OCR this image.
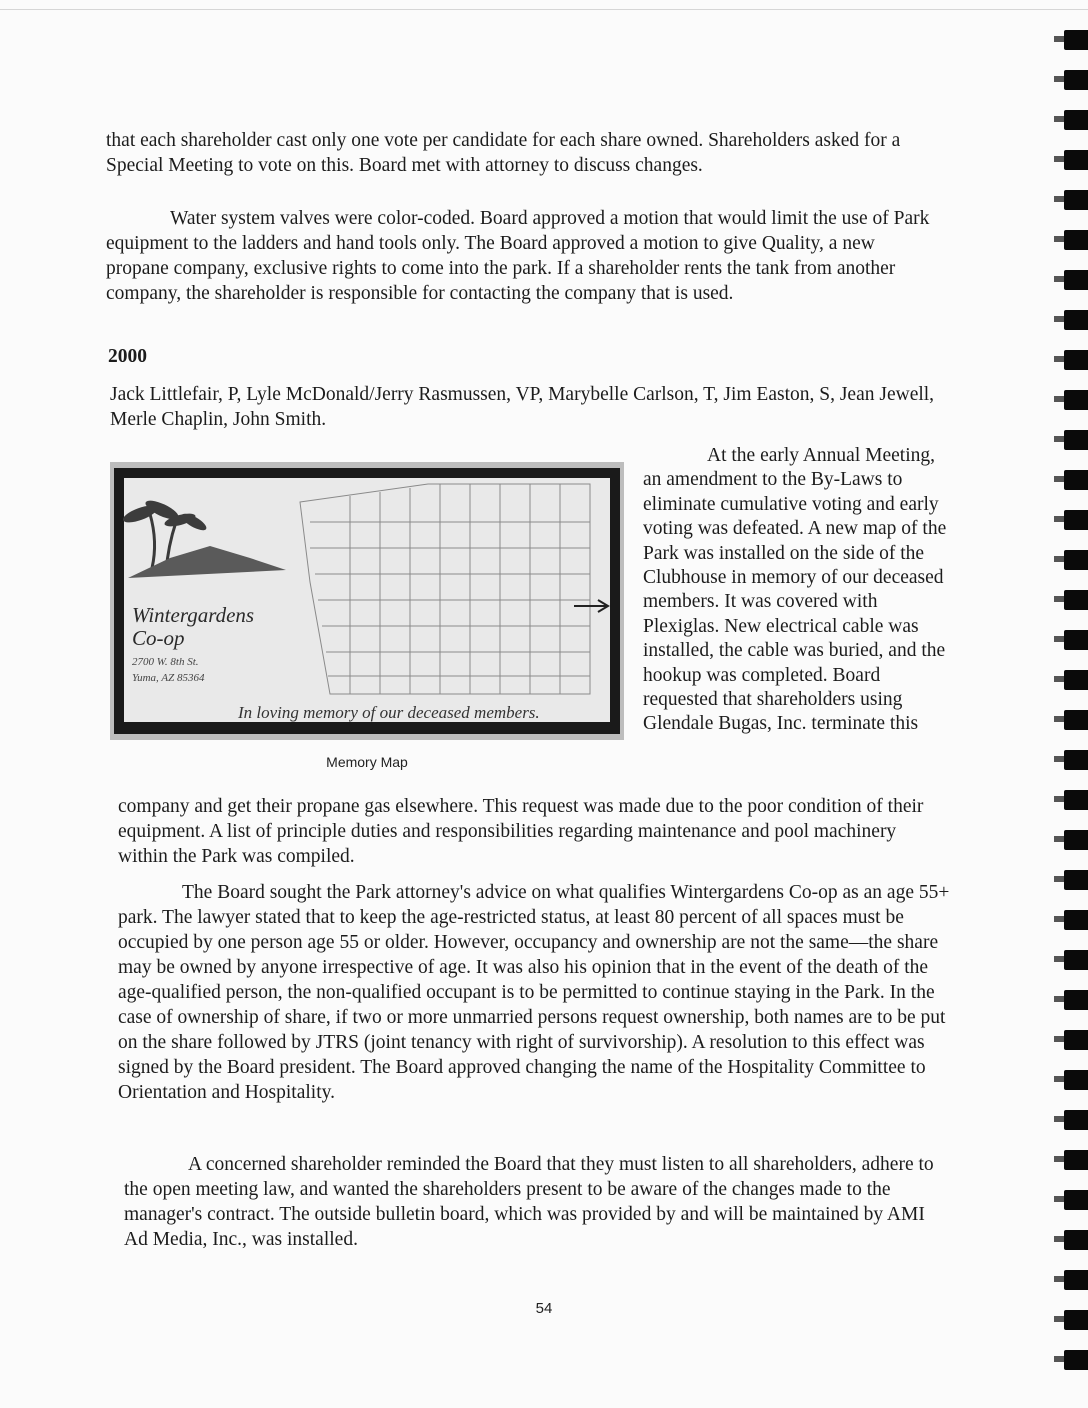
that each shareholder cast only one vote per candidate for each share owned. Shareholders asked for a Special Meeting to vote on this. Board met with attorney to discuss changes.

Water system valves were color-coded. Board approved a motion that would limit the use of Park equipment to the ladders and hand tools only. The Board approved a motion to give Quality, a new propane company, exclusive rights to come into the park. If a shareholder rents the tank from another company, the shareholder is responsible for contacting the company that is used.

2000

Jack Littlefair, P, Lyle McDonald/Jerry Rasmussen, VP, Marybelle Carlson, T, Jim Easton, S, Jean Jewell, Merle Chaplin, John Smith.

Wintergardens
Co-op
2700 W. 8th St.
Yuma, AZ 85364
In loving memory of our deceased members.
Memory Map

At the early Annual Meeting, an amendment to the By-Laws to eliminate cumulative voting and early voting was defeated. A new map of the Park was installed on the side of the Clubhouse in memory of our deceased members. It was covered with Plexiglas. New electrical cable was installed, the cable was buried, and the hookup was completed. Board requested that shareholders using Glendale Bugas, Inc. terminate this

company and get their propane gas elsewhere. This request was made due to the poor condition of their equipment. A list of principle duties and responsibilities regarding maintenance and pool machinery within the Park was compiled.

The Board sought the Park attorney's advice on what qualifies Wintergardens Co-op as an age 55+ park. The lawyer stated that to keep the age-restricted status, at least 80 percent of all spaces must be occupied by one person age 55 or older. However, occupancy and ownership are not the same—the share may be owned by anyone irrespective of age. It was also his opinion that in the event of the death of the age-qualified person, the non-qualified occupant is to be permitted to continue staying in the Park. In the case of ownership of share, if two or more unmarried persons request ownership, both names are to be put on the share followed by JTRS (joint tenancy with right of survivorship). A resolution to this effect was signed by the Board president. The Board approved changing the name of the Hospitality Committee to Orientation and Hospitality.

A concerned shareholder reminded the Board that they must listen to all shareholders, adhere to the open meeting law, and wanted the shareholders present to be aware of the changes made to the manager's contract. The outside bulletin board, which was provided by and will be maintained by AMI Ad Media, Inc., was installed.

54
